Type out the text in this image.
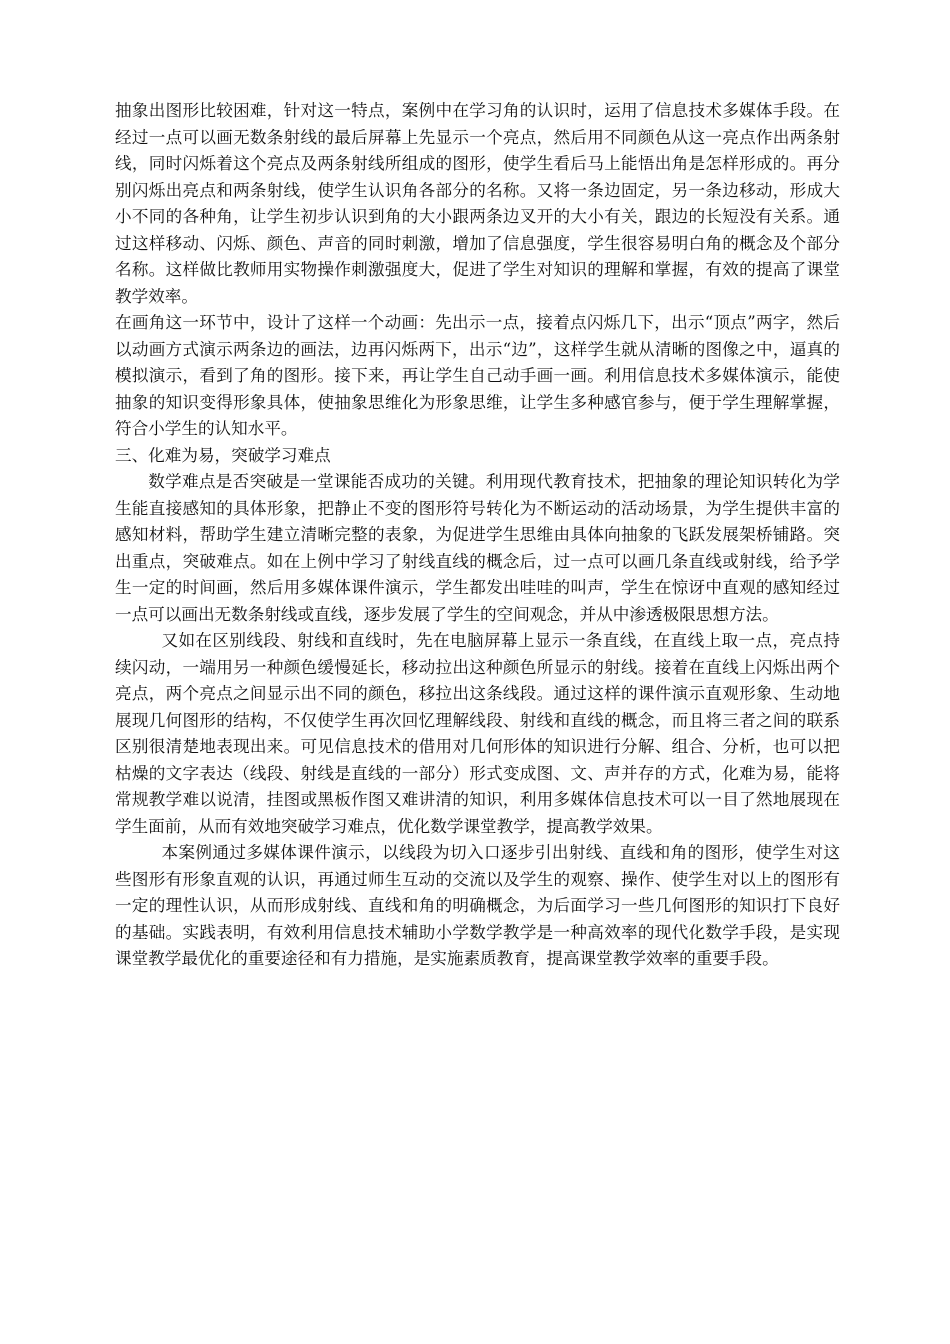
抽象出图形比较困难，针对这一特点，案例中在学习角的认识时，运用了信息技术多媒体手段。在经过一点可以画无数条射线的最后屏幕上先显示一个亮点，然后用不同颜色从这一亮点作出两条射线，同时闪烁着这个亮点及两条射线所组成的图形，使学生看后马上能悟出角是怎样形成的。再分别闪烁出亮点和两条射线，使学生认识角各部分的名称。又将一条边固定，另一条边移动，形成大小不同的各种角，让学生初步认识到角的大小跟两条边叉开的大小有关，跟边的长短没有关系。通过这样移动、闪烁、颜色、声音的同时刺激，增加了信息强度，学生很容易明白角的概念及个部分名称。这样做比教师用实物操作刺激强度大，促进了学生对知识的理解和掌握，有效的提高了课堂教学效率。

在画角这一环节中，设计了这样一个动画：先出示一点，接着点闪烁几下，出示“顶点”两字，然后以动画方式演示两条边的画法，边再闪烁两下，出示“边”，这样学生就从清晰的图像之中，逼真的模拟演示，看到了角的图形。接下来，再让学生自己动手画一画。利用信息技术多媒体演示，能使抽象的知识变得形象具体，使抽象思维化为形象思维，让学生多种感官参与，便于学生理解掌握，符合小学生的认知水平。

三、化难为易，突破学习难点

数学难点是否突破是一堂课能否成功的关键。利用现代教育技术，把抽象的理论知识转化为学生能直接感知的具体形象，把静止不变的图形符号转化为不断运动的活动场景，为学生提供丰富的感知材料，帮助学生建立清晰完整的表象，为促进学生思维由具体向抽象的飞跃发展架桥铺路。突出重点，突破难点。如在上例中学习了射线直线的概念后，过一点可以画几条直线或射线，给予学生一定的时间画，然后用多媒体课件演示，学生都发出哇哇的叫声，学生在惊讶中直观的感知经过一点可以画出无数条射线或直线，逐步发展了学生的空间观念，并从中渗透极限思想方法。

又如在区别线段、射线和直线时，先在电脑屏幕上显示一条直线，在直线上取一点，亮点持续闪动，一端用另一种颜色缓慢延长，移动拉出这种颜色所显示的射线。接着在直线上闪烁出两个亮点，两个亮点之间显示出不同的颜色，移拉出这条线段。通过这样的课件演示直观形象、生动地展现几何图形的结构，不仅使学生再次回忆理解线段、射线和直线的概念，而且将三者之间的联系区别很清楚地表现出来。可见信息技术的借用对几何形体的知识进行分解、组合、分析，也可以把枯燥的文字表达（线段、射线是直线的一部分）形式变成图、文、声并存的方式，化难为易，能将常规教学难以说清，挂图或黑板作图又难讲清的知识，利用多媒体信息技术可以一目了然地展现在学生面前，从而有效地突破学习难点，优化数学课堂教学，提高教学效果。

本案例通过多媒体课件演示，以线段为切入口逐步引出射线、直线和角的图形，使学生对这些图形有形象直观的认识，再通过师生互动的交流以及学生的观察、操作、使学生对以上的图形有一定的理性认识，从而形成射线、直线和角的明确概念，为后面学习一些几何图形的知识打下良好的基础。实践表明，有效利用信息技术辅助小学数学教学是一种高效率的现代化数学手段，是实现课堂教学最优化的重要途径和有力措施，是实施素质教育，提高课堂教学效率的重要手段。
